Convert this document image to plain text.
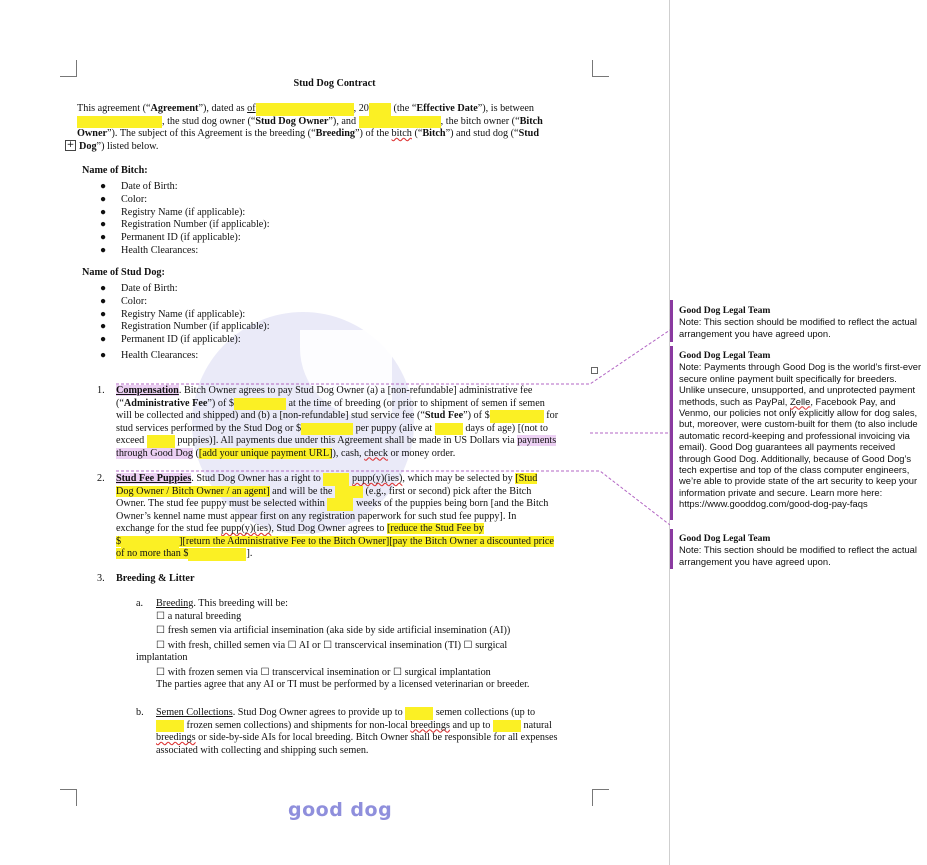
Stud Dog Contract
+
This agreement (“Agreement”), dated as of	, 20  (the “Effective Date”), is between
, the stud dog owner (“Stud Dog Owner”), and	, the bitch owner (“Bitch
Owner”). The subject of this Agreement is the breeding (“Breeding”) of the bitch (“Bitch”) and stud dog (“Stud
Dog”) listed below.
Name of Bitch:
● Date of Birth:
● Color:
● Registry Name (if applicable):
● Registration Number (if applicable):
● Permanent ID (if applicable):
● Health Clearances:
Name of Stud Dog:
● Date of Birth:
● Color:
● Registry Name (if applicable):
● Registration Number (if applicable):
● Permanent ID (if applicable):
● Health Clearances:
1. Compensation. Bitch Owner agrees to pay Stud Dog Owner (a) a [non-refundable] administrative fee
(“Administrative Fee”) of $	at the time of breeding (or prior to shipment of semen if semen
will be collected and shipped) and (b) a [non-refundable] stud service fee (“Stud Fee”) of $	for
stud services performed by the Stud Dog or $	per puppy (alive at	days of age) [(not to
exceed	puppies)]. All payments due under this Agreement shall be made in US Dollars via payments
through Good Dog ([add your unique payment URL]), cash, check or money order.
2. Stud Fee Puppies. Stud Dog Owner has a right to	pupp(y)(ies), which may be selected by [Stud
Dog Owner / Bitch Owner / an agent] and will be the	(e.g., first or second) pick after the Bitch
Owner. The stud fee puppy must be selected within	weeks of the puppies being born [and the Bitch
Owner’s kennel name must appear first on any registration paperwork for such stud fee puppy]. In
exchange for the stud fee pupp(y)(ies), Stud Dog Owner agrees to [reduce the Stud Fee by
$	][return the Administrative Fee to the Bitch Owner][pay the Bitch Owner a discounted price
of no more than $	].
3. Breeding & Litter
a.	Breeding. This breeding will be:
☐ a natural breeding
☐ fresh semen via artificial insemination (aka side by side artificial insemination (AI))
☐ with fresh, chilled semen via ☐ AI or ☐ transcervical insemination (TI) ☐ surgical
implantation
☐ with frozen semen via ☐ transcervical insemination or ☐ surgical implantation
The parties agree that any AI or TI must be performed by a licensed veterinarian or breeder.
b. Semen Collections. Stud Dog Owner agrees to provide up to	semen collections (up to
frozen semen collections) and shipments for non-local breedings and up to	natural
breedings or side-by-side AIs for local breeding. Bitch Owner shall be responsible for all expenses
associated with collecting and shipping such semen.
good dog
Good Dog Legal Team
Note: This section should be modified to reflect the actual arrangement you have agreed upon.
Good Dog Legal Team
Note: Payments through Good Dog is the world’s first-ever secure online payment built specifically for breeders. Unlike unsecure, unsupported, and unprotected payment methods, such as PayPal, Zelle, Facebook Pay, and Venmo, our policies not only explicitly allow for dog sales, but, moreover, were custom-built for them (to also include automatic record-keeping and professional invoicing via email). Good Dog guarantees all payments received through Good Dog. Additionally, because of Good Dog’s tech expertise and top of the class computer engineers, we’re able to provide state of the art security to keep your information private and secure. Learn more here: https://www.gooddog.com/good-dog-pay-faqs
Good Dog Legal Team
Note: This section should be modified to reflect the actual arrangement you have agreed upon.
